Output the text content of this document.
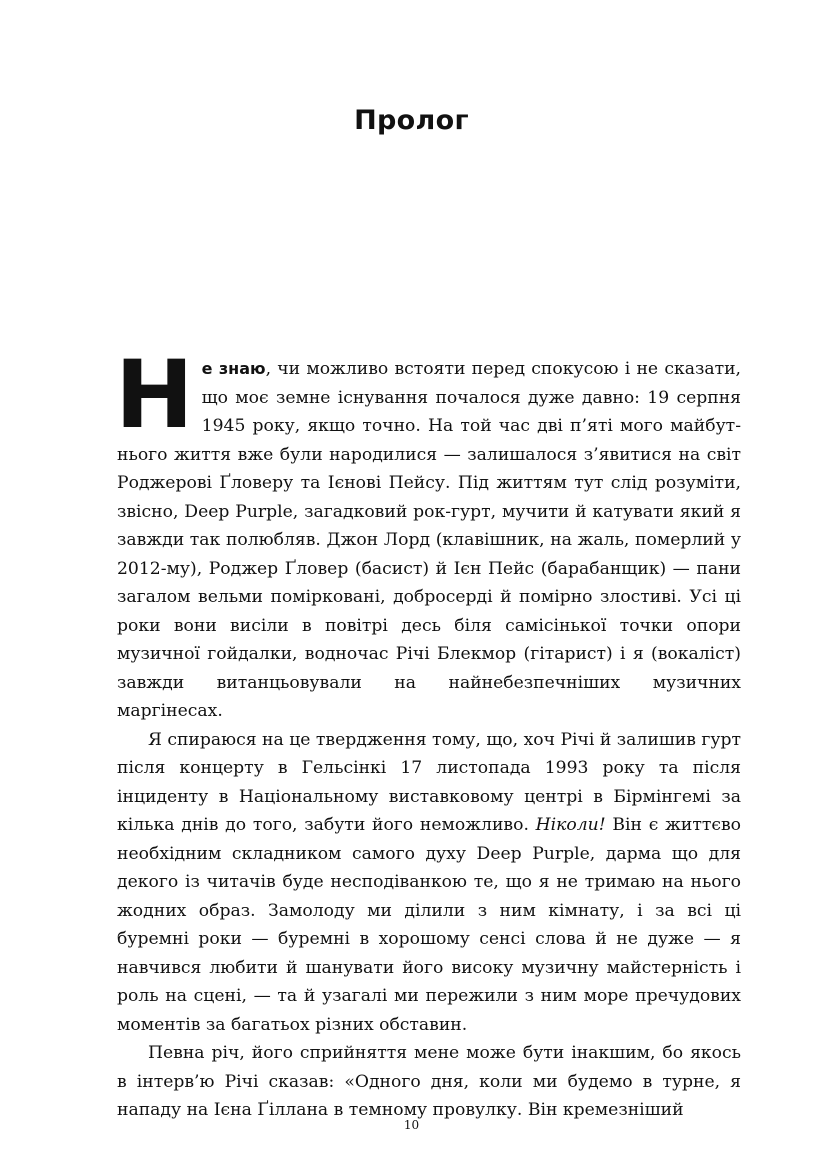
Пролог

Не знаю, чи можливо встояти перед спокусою і не сказати, що моє земне існування почалося дуже давно: 19 серпня 1945 року, якщо точно. На той час дві п’яті мого майбутнього життя вже були народилися — залишалося з’явитися на світ Роджерові Ґловеру та Ієнові Пейсу. Під життям тут слід розуміти, звісно, Deep Purple, загадковий рок-гурт, мучити й катувати який я завжди так полюбляв. Джон Лорд (клавішник, на жаль, померлий у 2012-му), Роджер Ґловер (басист) й Ієн Пейс (барабанщик) — пани загалом вельми помірковані, добросерді й помірно злостиві. Усі ці роки вони висіли в повітрі десь біля самісінької точки опори музичної гойдалки, водночас Річі Блекмор (гітарист) і я (вокаліст) завжди витанцьовували на найнебезпечніших музичних маргінесах.

Я спираюся на це твердження тому, що, хоч Річі й залишив гурт після концерту в Гельсінкі 17 листопада 1993 року та після інциденту в Національному виставковому центрі в Бірмінгемі за кілька днів до того, забути його неможливо. Ніколи! Він є життєво необхідним складником самого духу Deep Purple, дарма що для декого із читачів буде несподіванкою те, що я не тримаю на нього жодних образ. Замолоду ми ділили з ним кімнату, і за всі ці буремні роки — буремні в хорошому сенсі слова й не дуже — я навчився любити й шанувати його високу музичну майстерність і роль на сцені, — та й узагалі ми пережили з ним море пречудових моментів за багатьох різних обставин.

Певна річ, його сприйняття мене може бути інакшим, бо якось в інтерв’ю Річі сказав: «Одного дня, коли ми будемо в турне, я нападу на Ієна Ґіллана в темному провулку. Він кремезніший

10
